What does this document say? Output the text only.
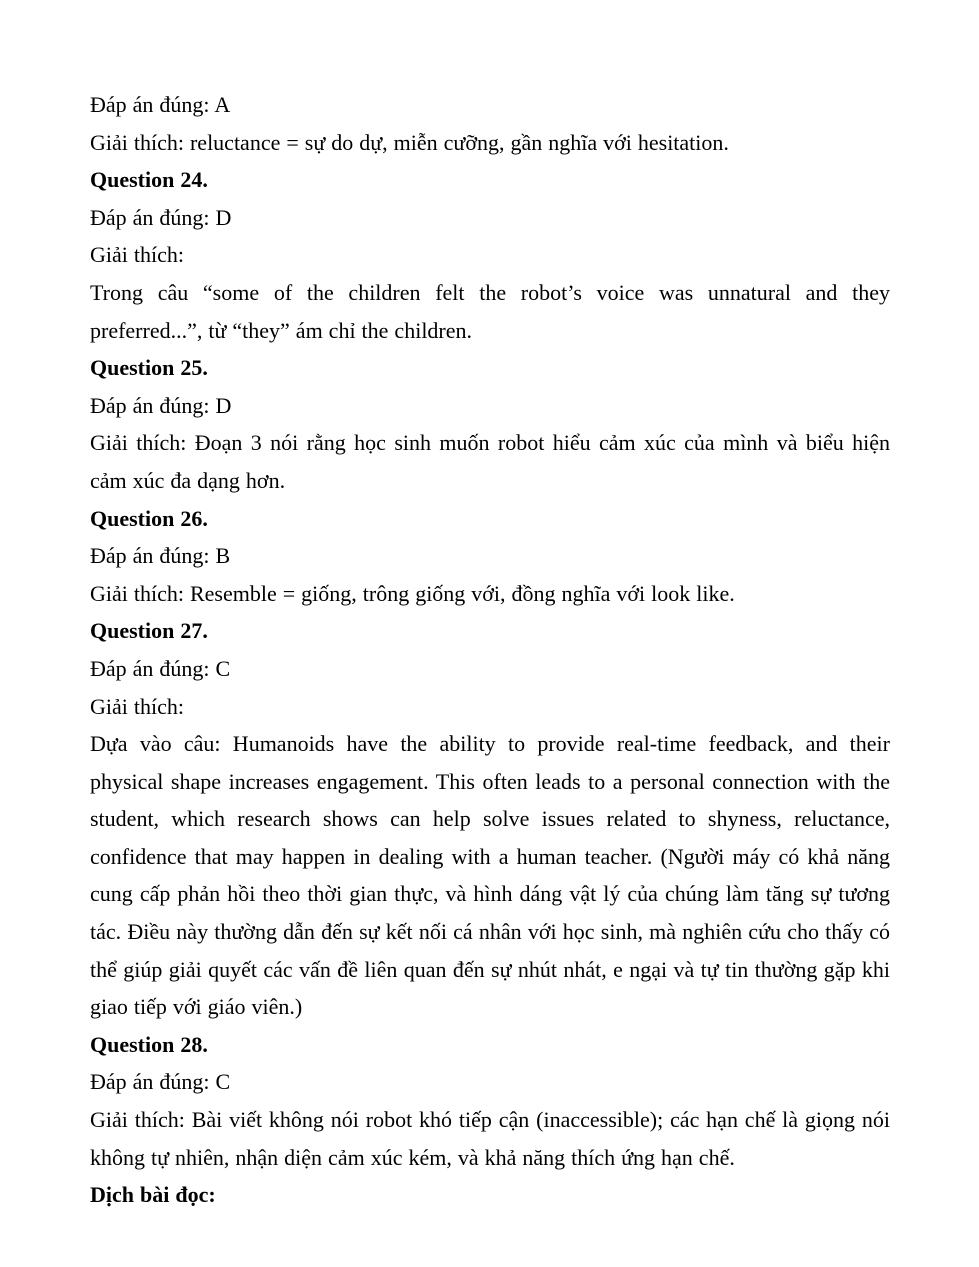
Đáp án đúng: A

Giải thích: reluctance = sự do dự, miễn cưỡng, gần nghĩa với hesitation.

Question 24.

Đáp án đúng: D

Giải thích:

Trong câu “some of the children felt the robot’s voice was unnatural and they preferred...”, từ “they” ám chỉ the children.

Question 25.

Đáp án đúng: D

Giải thích: Đoạn 3 nói rằng học sinh muốn robot hiểu cảm xúc của mình và biểu hiện cảm xúc đa dạng hơn.

Question 26.

Đáp án đúng: B

Giải thích: Resemble = giống, trông giống với, đồng nghĩa với look like.

Question 27.

Đáp án đúng: C

Giải thích:

Dựa vào câu: Humanoids have the ability to provide real-time feedback, and their physical shape increases engagement. This often leads to a personal connection with the student, which research shows can help solve issues related to shyness, reluctance, confidence that may happen in dealing with a human teacher. (Người máy có khả năng cung cấp phản hồi theo thời gian thực, và hình dáng vật lý của chúng làm tăng sự tương tác. Điều này thường dẫn đến sự kết nối cá nhân với học sinh, mà nghiên cứu cho thấy có thể giúp giải quyết các vấn đề liên quan đến sự nhút nhát, e ngại và tự tin thường gặp khi giao tiếp với giáo viên.)

Question 28.

Đáp án đúng: C

Giải thích: Bài viết không nói robot khó tiếp cận (inaccessible); các hạn chế là giọng nói không tự nhiên, nhận diện cảm xúc kém, và khả năng thích ứng hạn chế.

Dịch bài đọc:
